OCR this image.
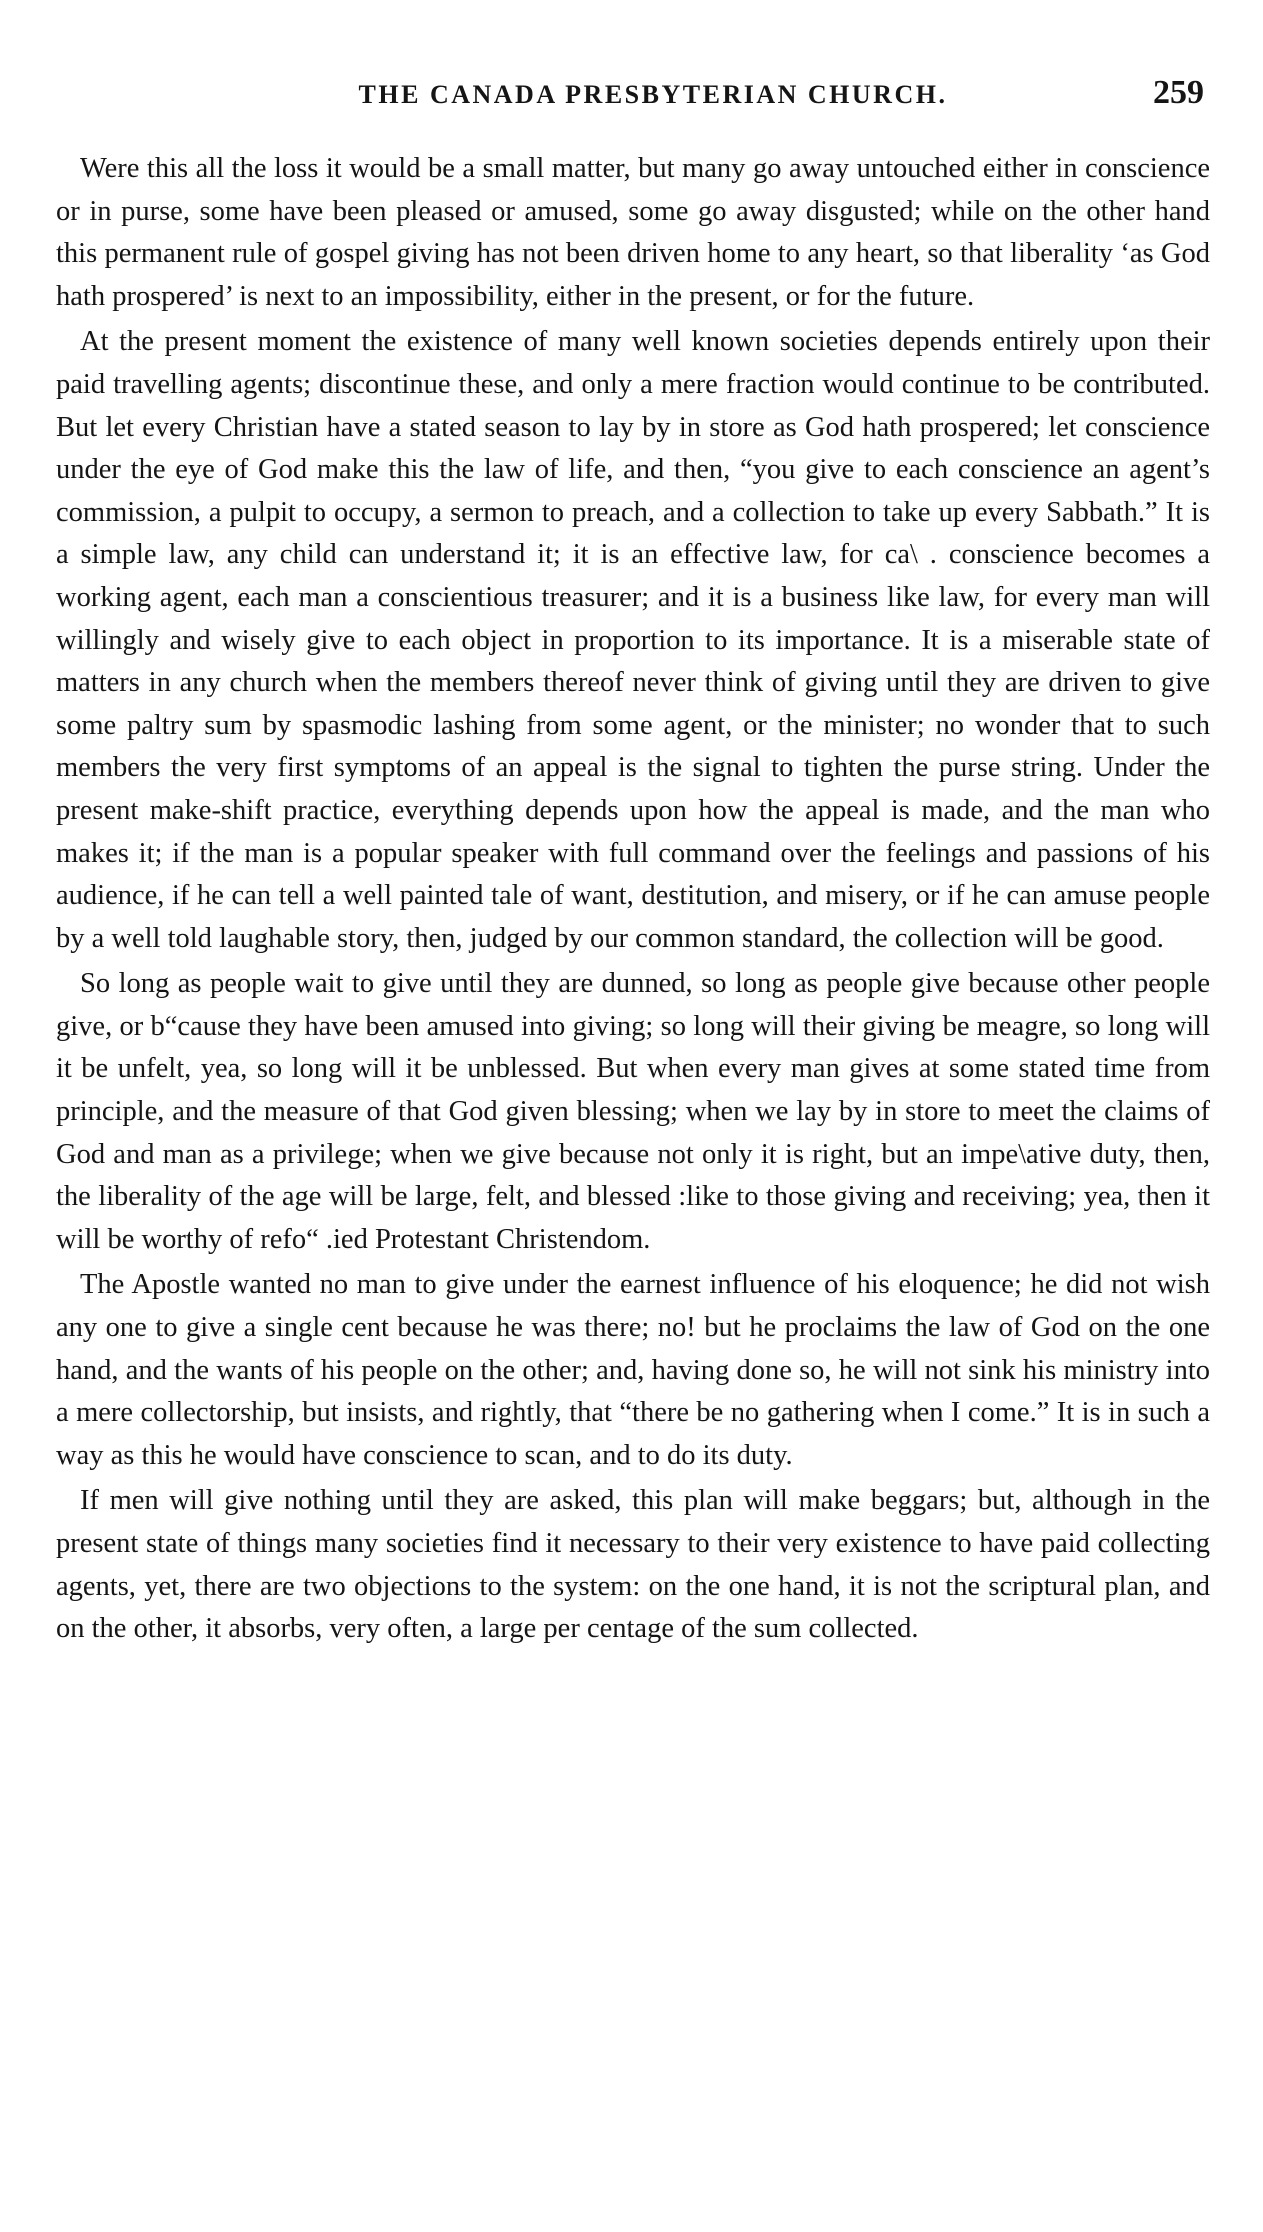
THE CANADA PRESBYTERIAN CHURCH.	259

Were this all the loss it would be a small matter, but many go away untouched either in conscience or in purse, some have been pleased or amused, some go away disgusted; while on the other hand this permanent rule of gospel giving has not been driven home to any heart, so that liberality ‘as God hath prospered’ is next to an impossibility, either in the present, or for the future.

At the present moment the existence of many well known societies depends entirely upon their paid travelling agents; discontinue these, and only a mere fraction would continue to be contributed. But let every Christian have a stated season to lay by in store as God hath prospered; let conscience under the eye of God make this the law of life, and then, “you give to each conscience an agent’s commission, a pulpit to occupy, a sermon to preach, and a collection to take up every Sabbath.” It is a simple law, any child can understand it; it is an effective law, for ca\ . conscience becomes a working agent, each man a conscientious treasurer; and it is a business like law, for every man will willingly and wisely give to each object in proportion to its importance. It is a miserable state of matters in any church when the members thereof never think of giving until they are driven to give some paltry sum by spasmodic lashing from some agent, or the minister; no wonder that to such members the very first symptoms of an appeal is the signal to tighten the purse string. Under the present make-shift practice, everything depends upon how the appeal is made, and the man who makes it; if the man is a popular speaker with full command over the feelings and passions of his audience, if he can tell a well painted tale of want, destitution, and misery, or if he can amuse people by a well told laughable story, then, judged by our common standard, the collection will be good.

So long as people wait to give until they are dunned, so long as people give because other people give, or b“cause they have been amused into giving; so long will their giving be meagre, so long will it be unfelt, yea, so long will it be unblessed. But when every man gives at some stated time from principle, and the measure of that God given blessing; when we lay by in store to meet the claims of God and man as a privilege; when we give because not only it is right, but an impe\ative duty, then, the liberality of the age will be large, felt, and blessed :like to those giving and receiving; yea, then it will be worthy of refo“ .ied Protestant Christendom.

The Apostle wanted no man to give under the earnest influence of his eloquence; he did not wish any one to give a single cent because he was there; no! but he proclaims the law of God on the one hand, and the wants of his people on the other; and, having done so, he will not sink his ministry into a mere collectorship, but insists, and rightly, that “there be no gathering when I come.” It is in such a way as this he would have conscience to scan, and to do its duty.

If men will give nothing until they are asked, this plan will make beggars; but, although in the present state of things many societies find it necessary to their very existence to have paid collecting agents, yet, there are two objections to the system: on the one hand, it is not the scriptural plan, and on the other, it absorbs, very often, a large per centage of the sum collected.
